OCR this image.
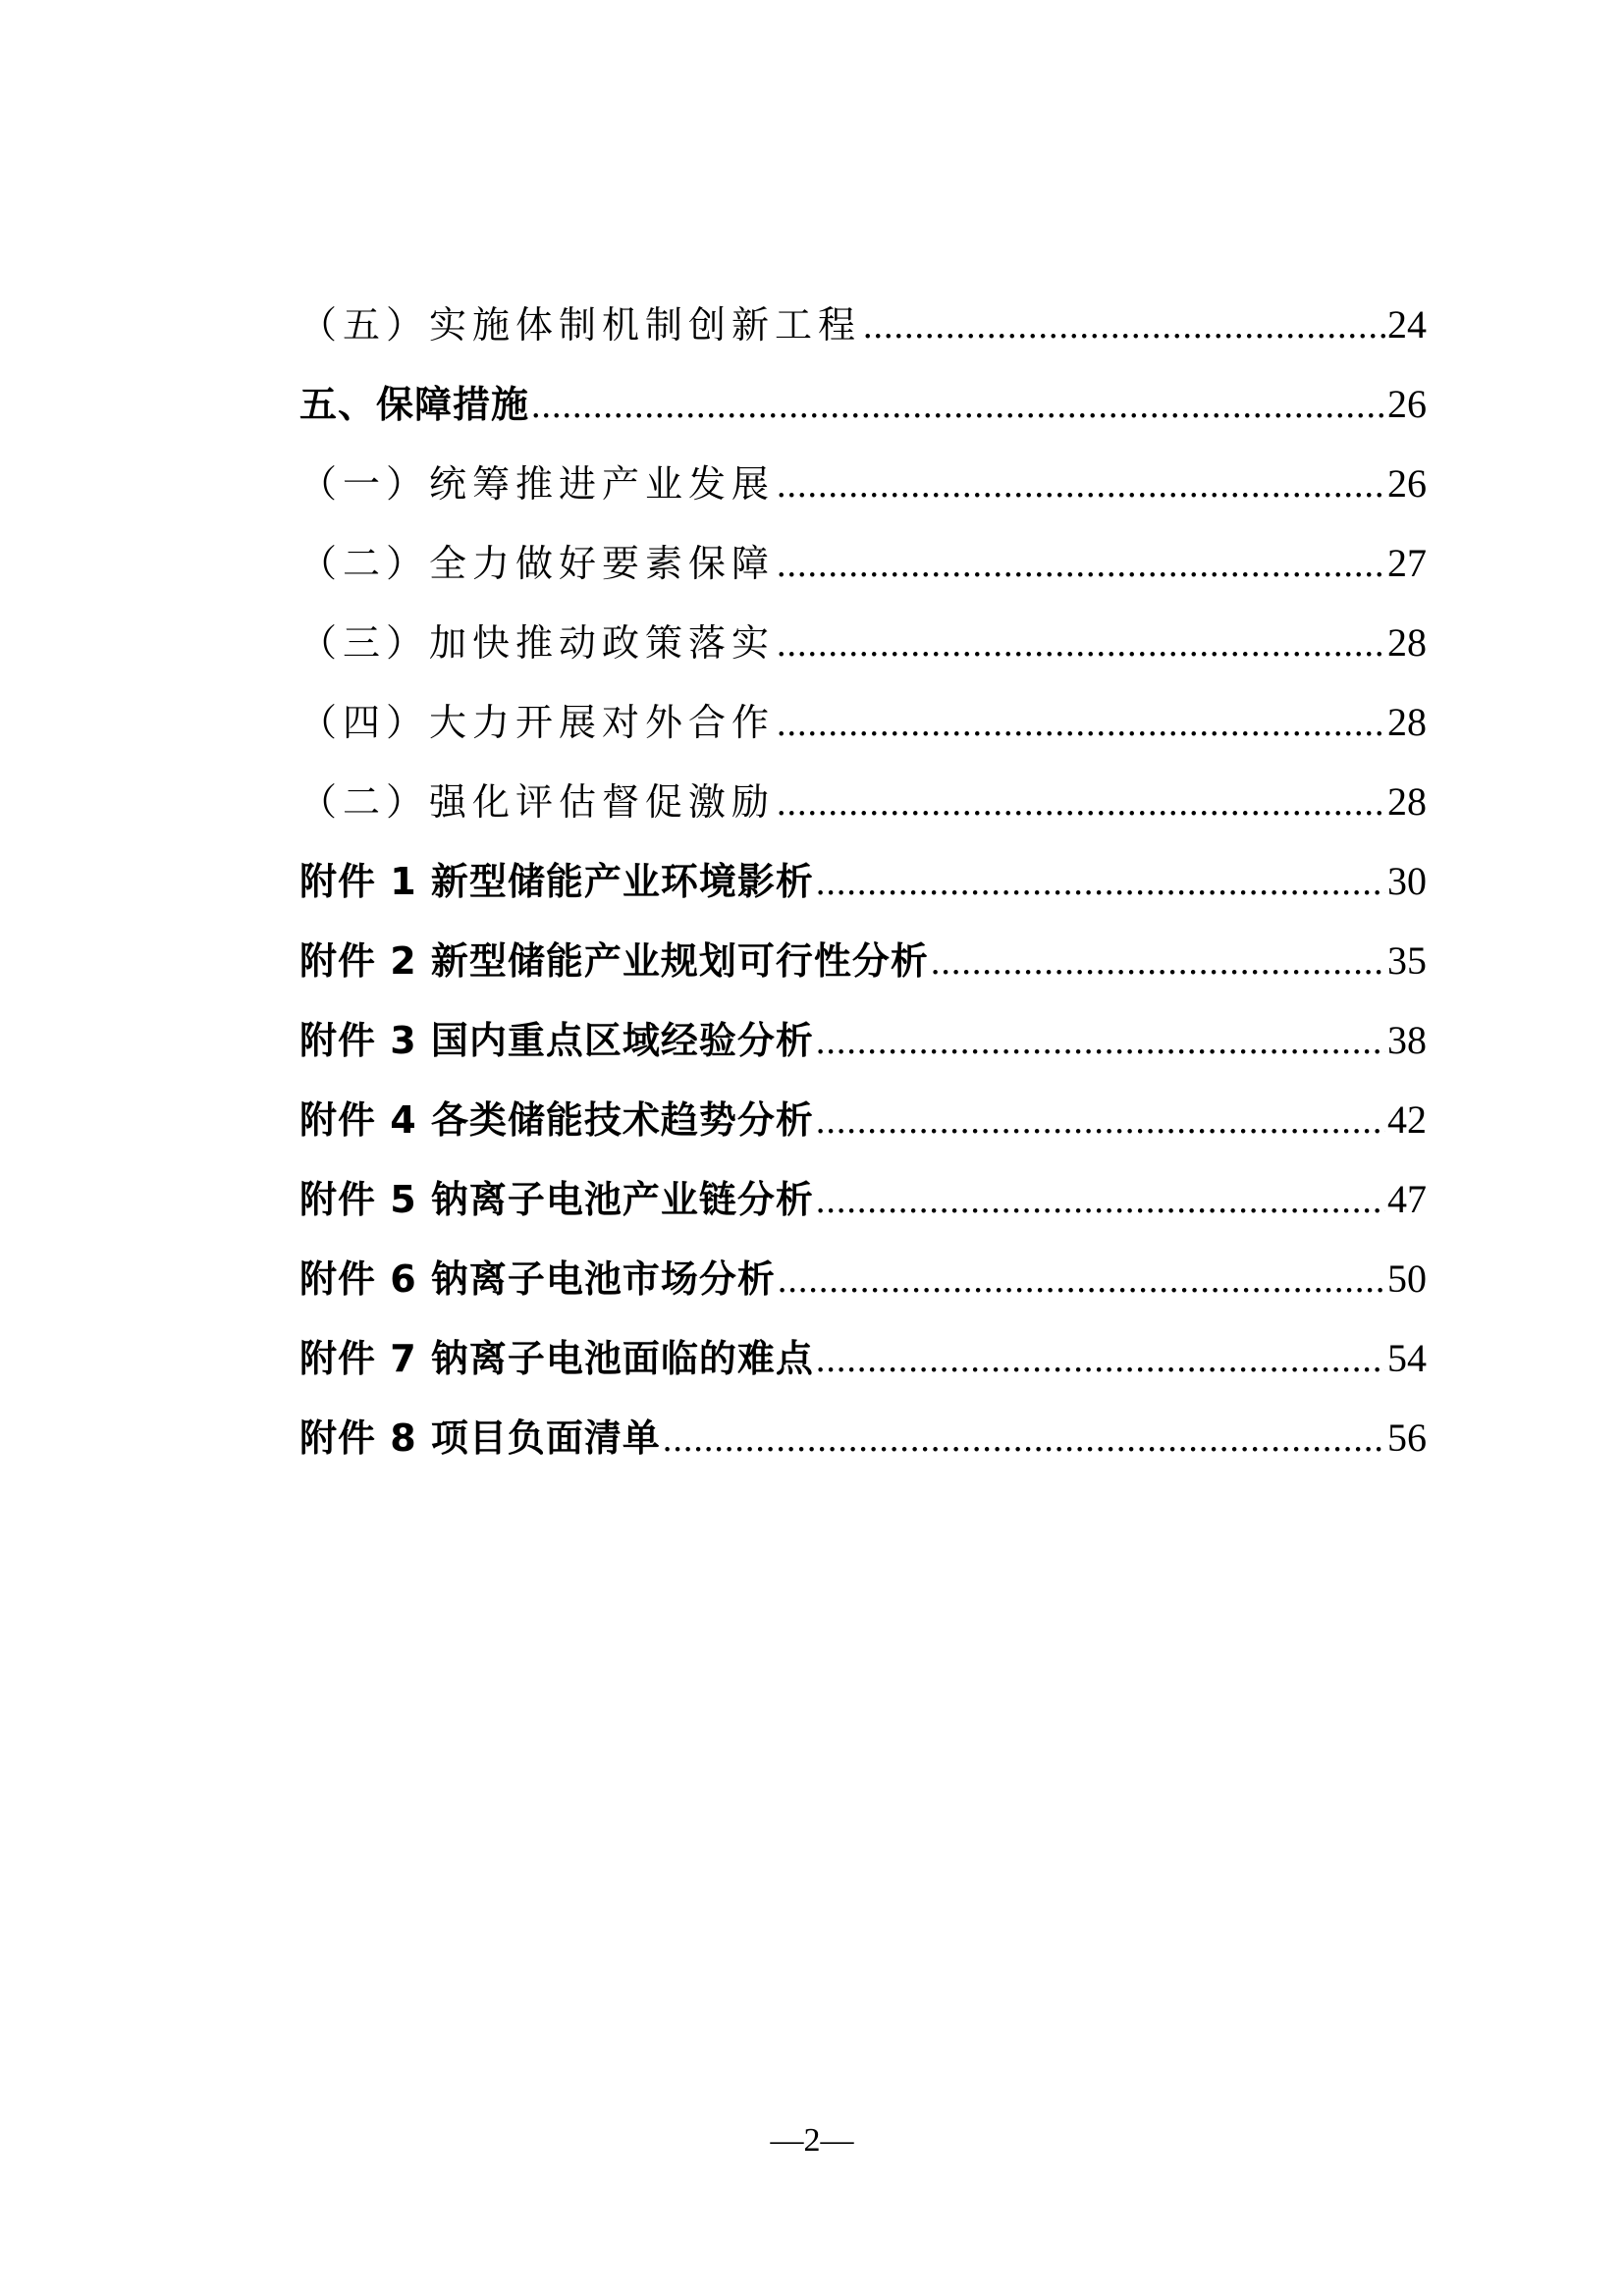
（五）实施体制机制创新工程 .....	24
五、保障措施 .....	26
（一）统筹推进产业发展 .....	26
（二）全力做好要素保障 .....	27
（三）加快推动政策落实 .....	28
（四）大力开展对外合作 .....	28
（二）强化评估督促激励 .....	28
附件 1 新型储能产业环境影析 .....	30
附件 2 新型储能产业规划可行性分析 .....	35
附件 3 国内重点区域经验分析 .....	38
附件 4 各类储能技术趋势分析 .....	42
附件 5 钠离子电池产业链分析 .....	47
附件 6 钠离子电池市场分析 .....	50
附件 7 钠离子电池面临的难点 .....	54
附件 8 项目负面清单 .....	56
—2—
